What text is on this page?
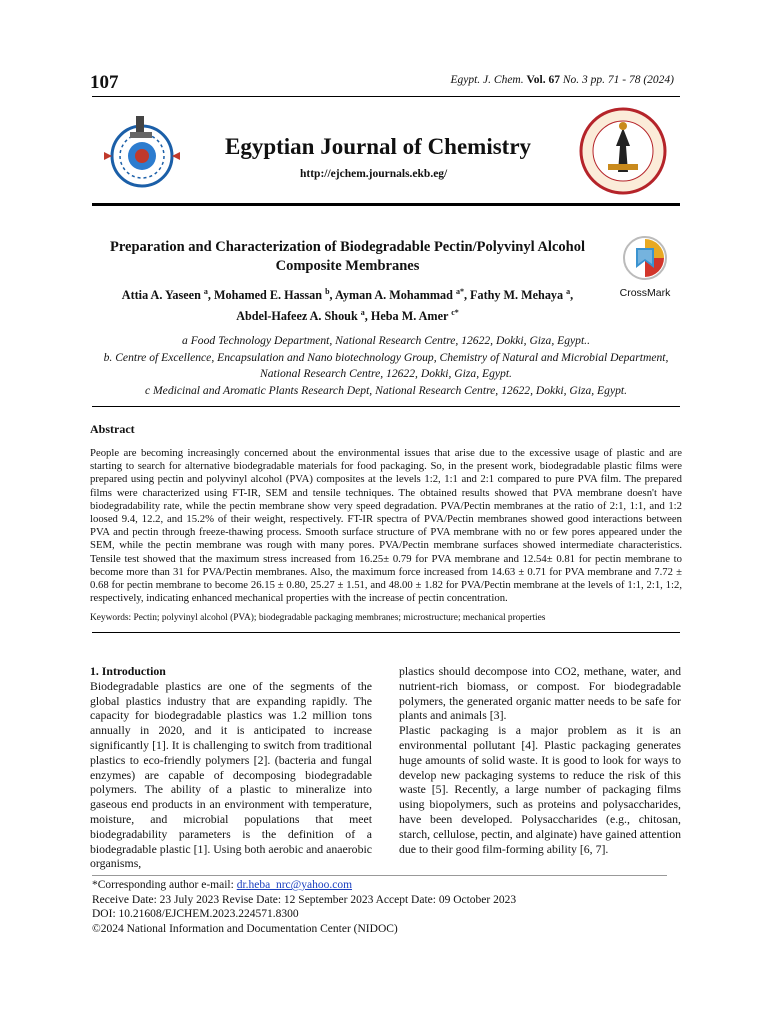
107	Egypt. J. Chem. Vol. 67 No. 3 pp. 71 - 78 (2024)
Egyptian Journal of Chemistry
http://ejchem.journals.ekb.eg/
Preparation and Characterization of Biodegradable Pectin/Polyvinyl Alcohol Composite Membranes
CrossMark
Attia A. Yaseen $^a$, Mohamed E. Hassan $^b$, Ayman A. Mohammad $^{a*}$, Fathy M. Mehaya $^a$,
Abdel-Hafeez A. Shouk $^a$, Heba M. Amer $^{c*}$
a Food Technology Department, National Research Centre, 12622, Dokki, Giza, Egypt..
b. Centre of Excellence, Encapsulation and Nano biotechnology Group, Chemistry of Natural and Microbial Department, National Research Centre, 12622, Dokki, Giza, Egypt.
c Medicinal and Aromatic Plants Research Dept, National Research Centre, 12622, Dokki, Giza, Egypt.
Abstract
People are becoming increasingly concerned about the environmental issues that arise due to the excessive usage of plastic and are starting to search for alternative biodegradable materials for food packaging. So, in the present work, biodegradable plastic films were prepared using pectin and polyvinyl alcohol (PVA) composites at the levels 1:2, 1:1 and 2:1 compared to pure PVA film. The prepared films were characterized using FT-IR, SEM and tensile techniques. The obtained results showed that PVA membrane doesn't have biodegradability rate, while the pectin membrane show very speed degradation. PVA/Pectin membranes at the ratio of 2:1, 1:1, and 1:2 loosed 9.4, 12.2, and 15.2% of their weight, respectively. FT-IR spectra of PVA/Pectin membranes showed good interactions between PVA and pectin through freeze-thawing process. Smooth surface structure of PVA membrane with no or few pores appeared under the SEM, while the pectin membrane was rough with many pores. PVA/Pectin membrane surfaces showed intermediate characteristics. Tensile test showed that the maximum stress increased from 16.25± 0.79 for PVA membrane and 12.54± 0.81 for pectin membrane to become more than 31 for PVA/Pectin membranes. Also, the maximum force increased from 14.63 ± 0.71 for PVA membrane and 7.72 ± 0.68 for pectin membrane to become 26.15 ± 0.80, 25.27 ± 1.51, and 48.00 ± 1.82 for PVA/Pectin membrane at the levels of 1:1, 2:1, 1:2, respectively, indicating enhanced mechanical properties with the increase of pectin concentration.
Keywords: Pectin; polyvinyl alcohol (PVA); biodegradable packaging membranes; microstructure; mechanical properties

1. Introduction

Biodegradable plastics are one of the segments of the global plastics industry that are expanding rapidly. The capacity for biodegradable plastics was 1.2 million tons annually in 2020, and it is anticipated to increase significantly [1]. It is challenging to switch from traditional plastics to eco-friendly polymers [2]. (bacteria and fungal enzymes) are capable of decomposing biodegradable polymers. The ability of a plastic to mineralize into gaseous end products in an environment with temperature, moisture, and microbial populations that meet biodegradability parameters is the definition of a biodegradable plastic [1]. Using both aerobic and anaerobic organisms,

plastics should decompose into CO2, methane, water, and nutrient-rich biomass, or compost. For biodegradable polymers, the generated organic matter needs to be safe for plants and animals [3].

Plastic packaging is a major problem as it is an environmental pollutant [4]. Plastic packaging generates huge amounts of solid waste. It is good to look for ways to develop new packaging systems to reduce the risk of this waste [5]. Recently, a large number of packaging films using biopolymers, such as proteins and polysaccharides, have been developed. Polysaccharides (e.g., chitosan, starch, cellulose, pectin, and alginate) have gained attention due to their good film-forming ability [6, 7].

*Corresponding author e-mail: dr.heba_nrc@yahoo.com
Receive Date: 23 July 2023 Revise Date: 12 September 2023 Accept Date: 09 October 2023
DOI: 10.21608/EJCHEM.2023.224571.8300
©2024 National Information and Documentation Center (NIDOC)
